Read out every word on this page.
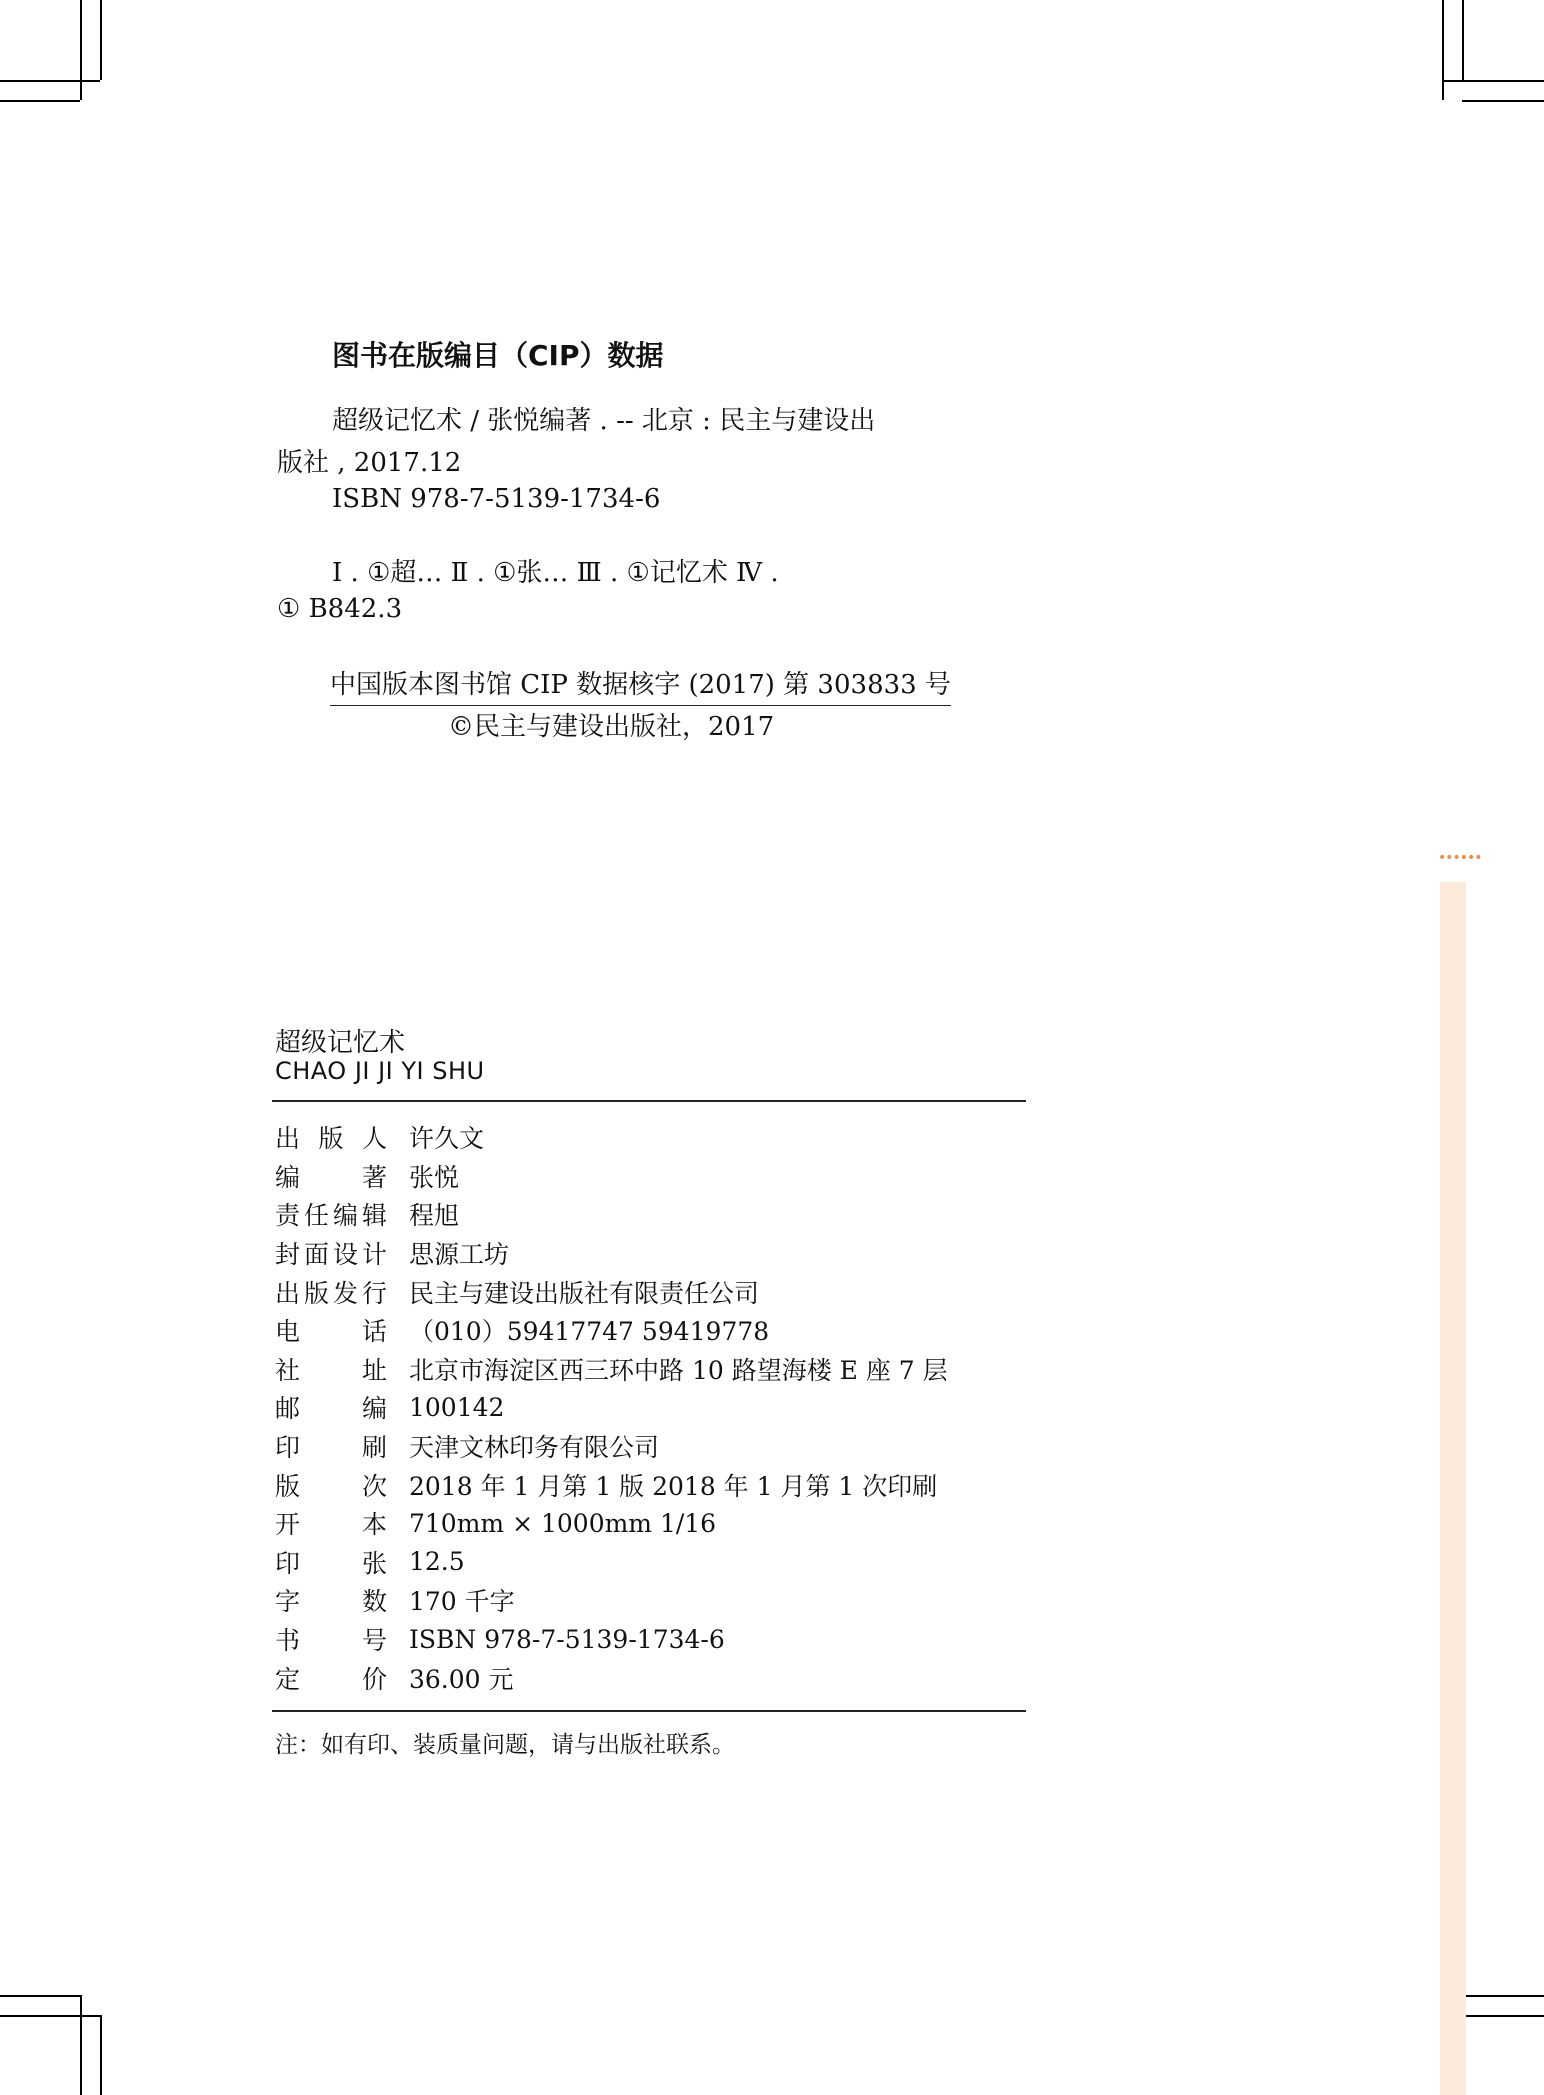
••••••
图书在版编目（CIP）数据
超级记忆术 / 张悦编著 . -- 北京 : 民主与建设出
版社 , 2017.12
ISBN 978-7-5139-1734-6
Ⅰ . ①超… Ⅱ . ①张… Ⅲ . ①记忆术 Ⅳ .
① B842.3
中国版本图书馆 CIP 数据核字 (2017) 第 303833 号
©民主与建设出版社，2017
超级记忆术
CHAO JI JI YI SHU
出版人 许久文
编著 张悦
责任编辑 程旭
封面设计 思源工坊
出版发行 民主与建设出版社有限责任公司
电话 （010）59417747 59419778
社址 北京市海淀区西三环中路 10 路望海楼 E 座 7 层
邮编 100142
印刷 天津文林印务有限公司
版次 2018 年 1 月第 1 版 2018 年 1 月第 1 次印刷
开本 710mm × 1000mm 1/16
印张 12.5
字数 170 千字
书号 ISBN 978-7-5139-1734-6
定价 36.00 元
注：如有印、装质量问题，请与出版社联系。
